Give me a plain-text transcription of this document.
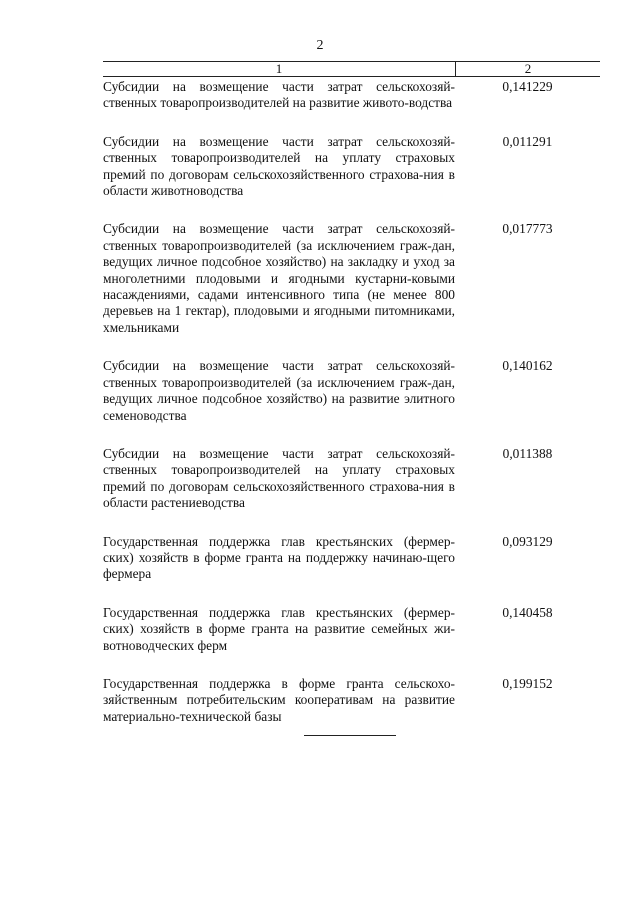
2
1	2
Субсидии на возмещение части затрат сельскохозяй-ственных товаропроизводителей на развитие живото-водства
0,141229
Субсидии на возмещение части затрат сельскохозяй-ственных товаропроизводителей на уплату страховых премий по договорам сельскохозяйственного страхова-ния в области животноводства
0,011291
Субсидии на возмещение части затрат сельскохозяй-ственных товаропроизводителей (за исключением граж-дан, ведущих личное подсобное хозяйство) на закладку и уход за многолетними плодовыми и ягодными кустарни-ковыми насаждениями, садами интенсивного типа (не менее 800 деревьев на 1 гектар), плодовыми и ягодными питомниками, хмельниками
0,017773
Субсидии на возмещение части затрат сельскохозяй-ственных товаропроизводителей (за исключением граж-дан, ведущих личное подсобное хозяйство) на развитие элитного семеноводства
0,140162
Субсидии на возмещение части затрат сельскохозяй-ственных товаропроизводителей на уплату страховых премий по договорам сельскохозяйственного страхова-ния в области растениеводства
0,011388
Государственная поддержка глав крестьянских (фермер-ских) хозяйств в форме гранта на поддержку начинаю-щего фермера
0,093129
Государственная поддержка глав крестьянских (фермер-ских) хозяйств в форме гранта на развитие семейных жи-вотноводческих ферм
0,140458
Государственная поддержка в форме гранта сельскохо-зяйственным потребительским кооперативам на развитие материально-технической базы
0,199152
